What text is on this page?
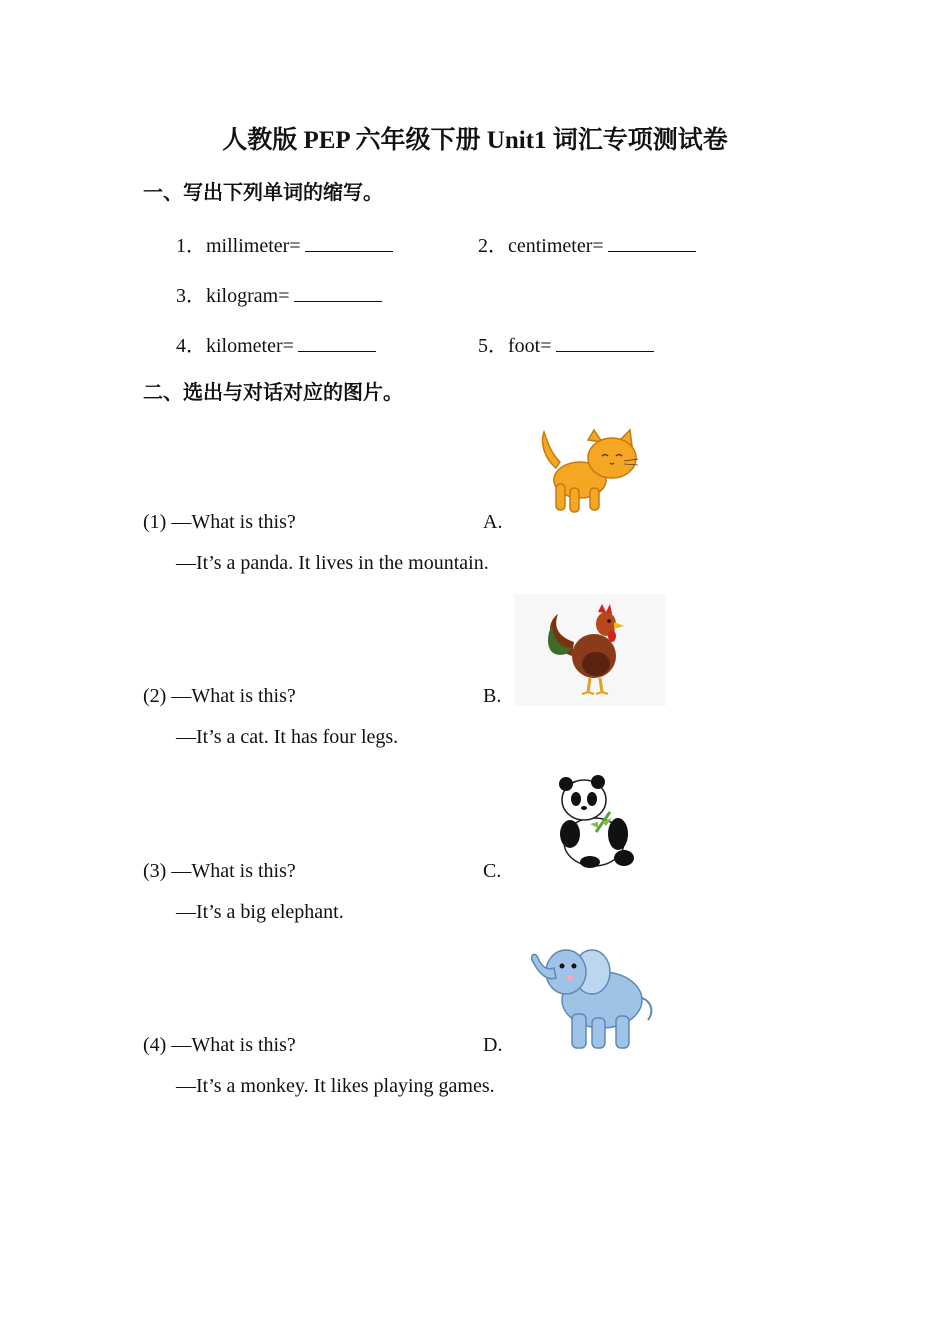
人教版 PEP 六年级下册 Unit1 词汇专项测试卷
一、写出下列单词的缩写。
1．millimeter=	2．centimeter=
3．kilogram=
4．kilometer=	5．foot=
二、选出与对话对应的图片。
(1) —What is this?
—It’s a panda. It lives in the mountain.
A.
(2) —What is this?
—It’s a cat. It has four legs.
B.
(3) —What is this?
—It’s a big elephant.
C.
(4) —What is this?
—It’s a monkey. It likes playing games.
D.
